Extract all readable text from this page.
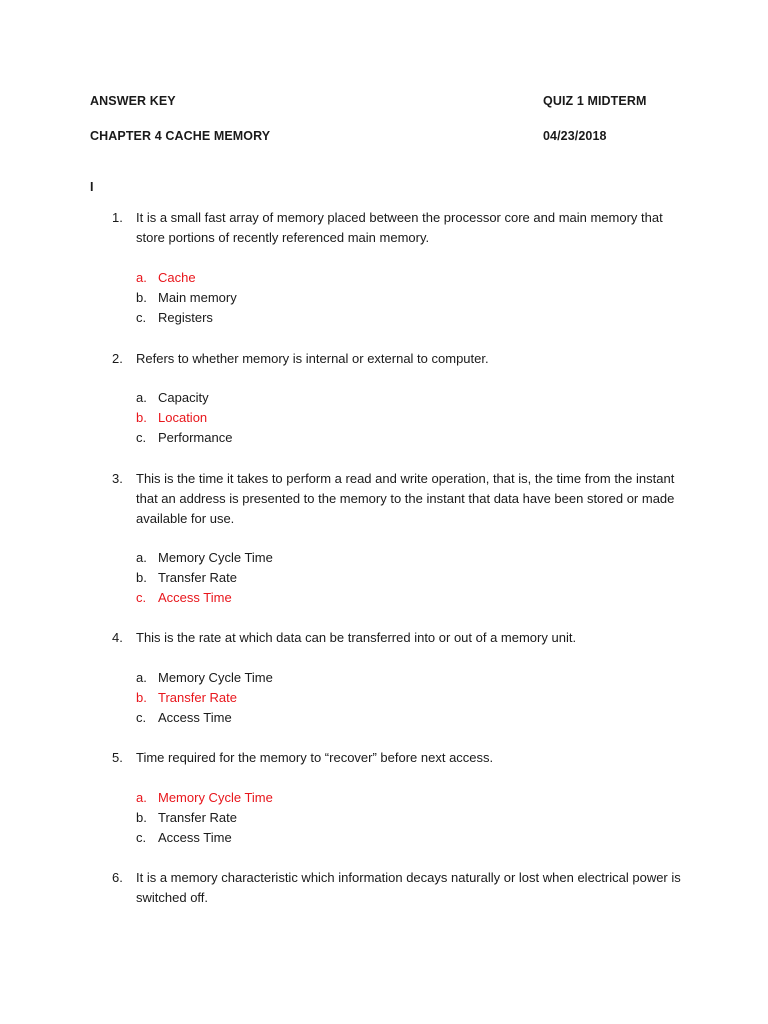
ANSWER KEY	QUIZ 1 MIDTERM
CHAPTER 4 CACHE MEMORY	04/23/2018
I
1. It is a small fast array of memory placed between the processor core and main memory that store portions of recently referenced main memory.
a. Cache
b. Main memory
c. Registers
2. Refers to whether memory is internal or external to computer.
a. Capacity
b. Location
c. Performance
3. This is the time it takes to perform a read and write operation, that is, the time from the instant that an address is presented to the memory to the instant that data have been stored or made available for use.
a. Memory Cycle Time
b. Transfer Rate
c. Access Time
4. This is the rate at which data can be transferred into or out of a memory unit.
a. Memory Cycle Time
b. Transfer Rate
c. Access Time
5. Time required for the memory to “recover” before next access.
a. Memory Cycle Time
b. Transfer Rate
c. Access Time
6. It is a memory characteristic which information decays naturally or lost when electrical power is switched off.
